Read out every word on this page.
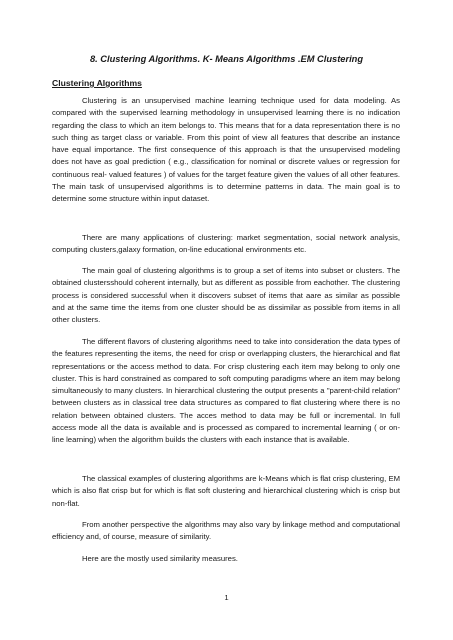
8. Clustering Algorithms. K- Means Algorithms .EM Clustering
Clustering Algorithms

Clustering is an unsupervised machine learning technique used for data modeling. As compared with the supervised learning methodology in unsupervised learning there is no indication regarding the class to which an item belongs to. This means that for a data representation there is no such thing as target class or variable. From this point of view all features that describe an instance have equal importance. The first consequence of this approach is that the unsupervised modeling does not have as goal prediction ( e.g., classification for nominal or discrete values or regression for continuous real- valued features ) of values for the target feature given the values of all other features. The main task of unsupervised algorithms is to determine patterns in data. The main goal is to determine some structure within input dataset.

There are many applications of clustering: market segmentation, social network analysis, computing clusters,galaxy formation, on-line educational environments etc.

The main goal of clustering algorithms is to group a set of items into subset or clusters. The obtained clustersshould coherent internally, but as different as possible from eachother. The clustering process is considered successful when it discovers subset of items that aare as similar as possible and at the same time the items from one cluster should be as dissimilar as possible from items in all other clusters.

The different flavors of clustering algorithms need to take into consideration the data types of the features representing the items, the need for crisp or overlapping clusters, the hierarchical and flat representations or the access method to data. For crisp clustering each item may belong to only one cluster. This is hard constrained as compared to soft computing paradigms where an item may belong simultaneously to many clusters. In hierarchical clustering the output presents a "parent-child relation" between clusters as in classical tree data structures as compared to flat clustering where there is no relation between obtained clusters. The acces method to data may be full or incremental. In full access mode all the data is available and is processed as compared to incremental learning ( or on-line learning) when the algorithm builds the clusters with each instance that is available.

The classical examples of clustering algorithms are k-Means which is flat crisp clustering, EM which is also flat crisp but for which is flat soft clustering and hierarchical clustering which is crisp but non-flat.

From another perspective the algorithms may also vary by linkage method and computational efficiency and, of course, measure of similarity.

Here are the mostly used similarity measures.

1
